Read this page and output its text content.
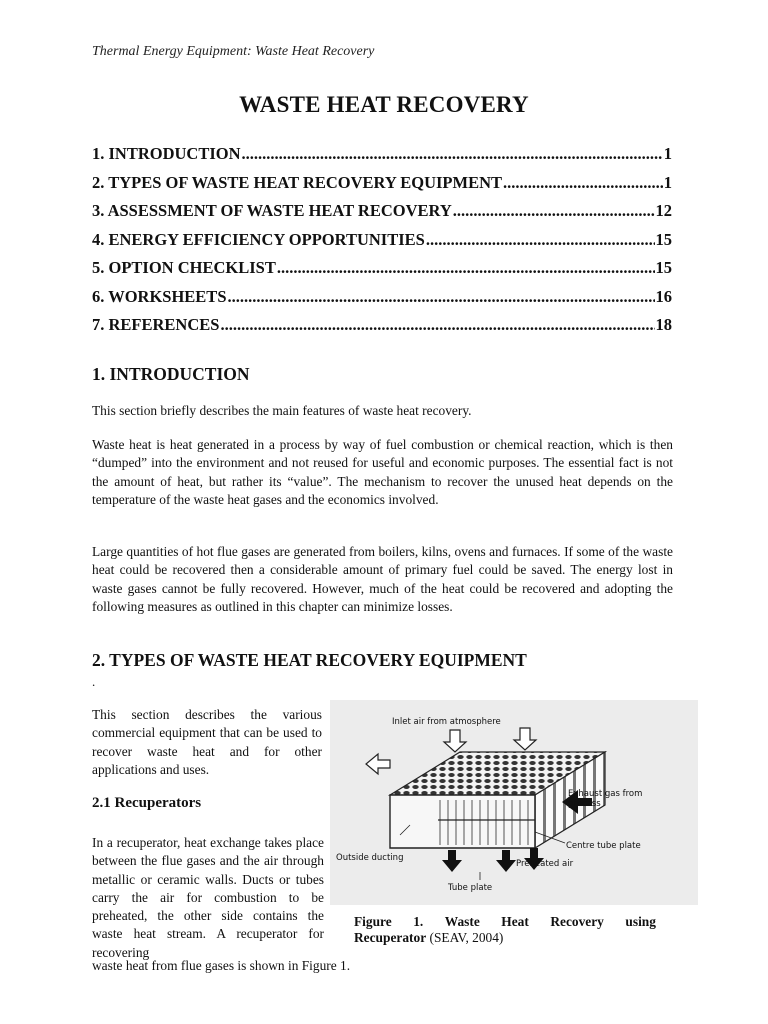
Thermal Energy Equipment: Waste Heat Recovery
WASTE HEAT RECOVERY
1. INTRODUCTION .....	1
2. TYPES OF WASTE HEAT RECOVERY EQUIPMENT .....	1
3. ASSESSMENT OF WASTE HEAT RECOVERY .....	12
4. ENERGY EFFICIENCY OPPORTUNITIES .....	15
5. OPTION CHECKLIST .....	15
6. WORKSHEETS .....	16
7. REFERENCES .....	18
1. INTRODUCTION

This section briefly describes the main features of waste heat recovery.

Waste heat is heat generated in a process by way of fuel combustion or chemical reaction, which is then “dumped” into the environment and not reused for useful and economic purposes. The essential fact is not the amount of heat, but rather its “value”. The mechanism to recover the unused heat depends on the temperature of the waste heat gases and the economics involved.

Large quantities of hot flue gases are generated from boilers, kilns, ovens and furnaces. If some of the waste heat could be recovered then a considerable amount of primary fuel could be saved. The energy lost in waste gases cannot be fully recovered. However, much of the heat could be recovered and adopting the following measures as outlined in this chapter can minimize losses.

2. TYPES OF WASTE HEAT RECOVERY EQUIPMENT
.

This section describes the various commercial equipment that can be used to recover waste heat and for other applications and uses.

2.1 Recuperators

In a recuperator, heat exchange takes place between the flue gases and the air through metallic or ceramic walls. Ducts or tubes carry the air for combustion to be preheated, the other side contains the waste heat stream. A recuperator for recovering

waste heat from flue gases is shown in Figure 1.
Inlet air from atmosphere
Exhaust gas from
process
Centre tube plate
Outside ducting
Preheated air
Tube plate
Figure 1. Waste Heat Recovery using
Recuperator (SEAV, 2004)
